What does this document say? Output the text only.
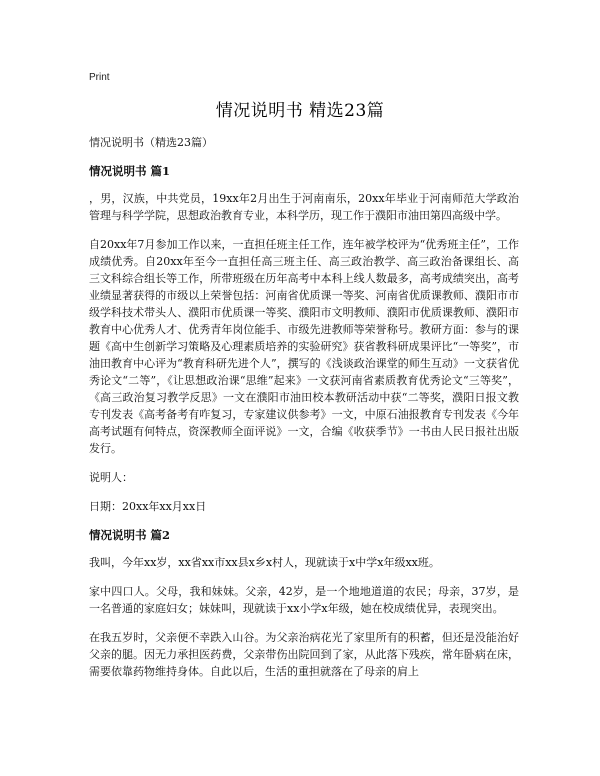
Print
情况说明书 精选23篇

情况说明书（精选23篇）

情况说明书 篇1

，男，汉族，中共党员，19xx年2月出生于河南南乐，20xx年毕业于河南师范大学政治管理与科学学院，思想政治教育专业，本科学历，现工作于濮阳市油田第四高级中学。

自20xx年7月参加工作以来，一直担任班主任工作，连年被学校评为“优秀班主任”，工作成绩优秀。自20xx年至今一直担任高三班主任、高三政治教学、高三政治备课组长、高三文科综合组长等工作，所带班级在历年高考中本科上线人数最多，高考成绩突出，高考业绩显著获得的市级以上荣誉包括：河南省优质课一等奖、河南省优质课教师、濮阳市市级学科技术带头人、濮阳市优质课一等奖、濮阳市文明教师、濮阳市优质课教师、濮阳市教育中心优秀人才、优秀青年岗位能手、市级先进教师等荣誉称号。教研方面：参与的课题《高中生创新学习策略及心理素质培养的实验研究》获省教科研成果评比“一等奖”，市油田教育中心评为“教育科研先进个人”，撰写的《浅谈政治课堂的师生互动》一文获省优秀论文“二等”，《让思想政治课“思维”起来》一文获河南省素质教育优秀论文“三等奖”，《高三政治复习教学反思》一文在濮阳市油田校本教研活动中获“二等奖，濮阳日报文教专刊发表《高考备考有咋复习，专家建议供参考》一文，中原石油报教育专刊发表《今年高考试题有何特点，资深教师全面评说》一文，合编《收获季节》一书由人民日报社出版发行。

说明人：

日期：20xx年xx月xx日

情况说明书 篇2

我叫，今年xx岁，xx省xx市xx县x乡x村人，现就读于x中学x年级xx班。

家中四口人。父母，我和妹妹。父亲，42岁，是一个地地道道的农民；母亲，37岁，是一名普通的家庭妇女；妹妹叫，现就读于xx小学x年级，她在校成绩优异，表现突出。

在我五岁时，父亲便不幸跌入山谷。为父亲治病花光了家里所有的积蓄，但还是没能治好父亲的腿。因无力承担医药费，父亲带伤出院回到了家，从此落下残疾，常年卧病在床，需要依靠药物维持身体。自此以后，生活的重担就落在了母亲的肩上
